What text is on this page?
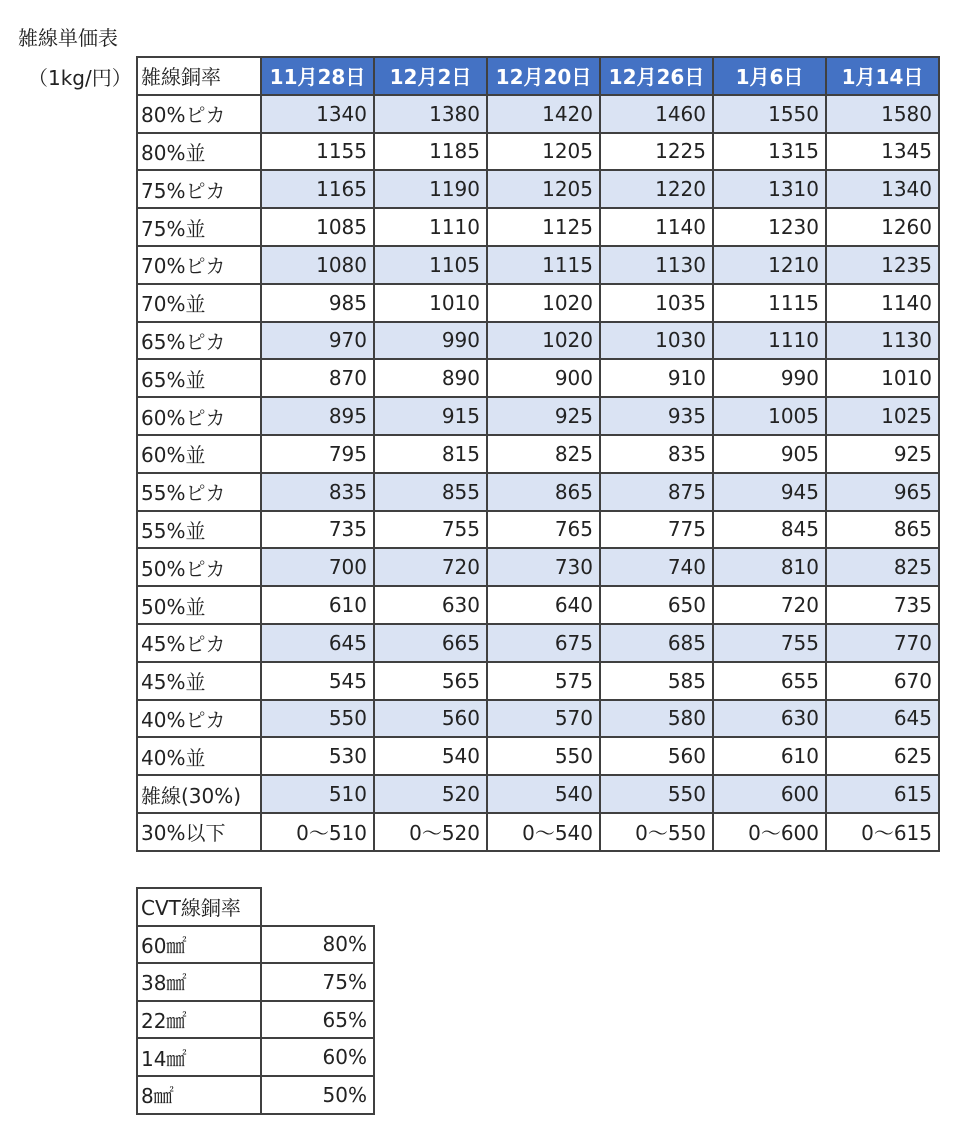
雑線単価表
（1kg/円） 雑線銅率	11月28日	12月2日	12月20日	12月26日	1月6日	1月14日
80%ピカ	1340	1380	1420	1460	1550	1580
80%並	1155	1185	1205	1225	1315	1345
75%ピカ	1165	1190	1205	1220	1310	1340
75%並	1085	1110	1125	1140	1230	1260
70%ピカ	1080	1105	1115	1130	1210	1235
70%並	985	1010	1020	1035	1115	1140
65%ピカ	970	990	1020	1030	1110	1130
65%並	870	890	900	910	990	1010
60%ピカ	895	915	925	935	1005	1025
60%並	795	815	825	835	905	925
55%ピカ	835	855	865	875	945	965
55%並	735	755	765	775	845	865
50%ピカ	700	720	730	740	810	825
50%並	610	630	640	650	720	735
45%ピカ	645	665	675	685	755	770
45%並	545	565	575	585	655	670
40%ピカ	550	560	570	580	630	645
40%並	530	540	550	560	610	625
雑線(30%)	510	520	540	550	600	615
30%以下	0〜510	0〜520	0〜540	0〜550	0〜600	0〜615
CVT線銅率	
60㎟	80%
38㎟	75%
22㎟	65%
14㎟	60%
8㎟	50%
